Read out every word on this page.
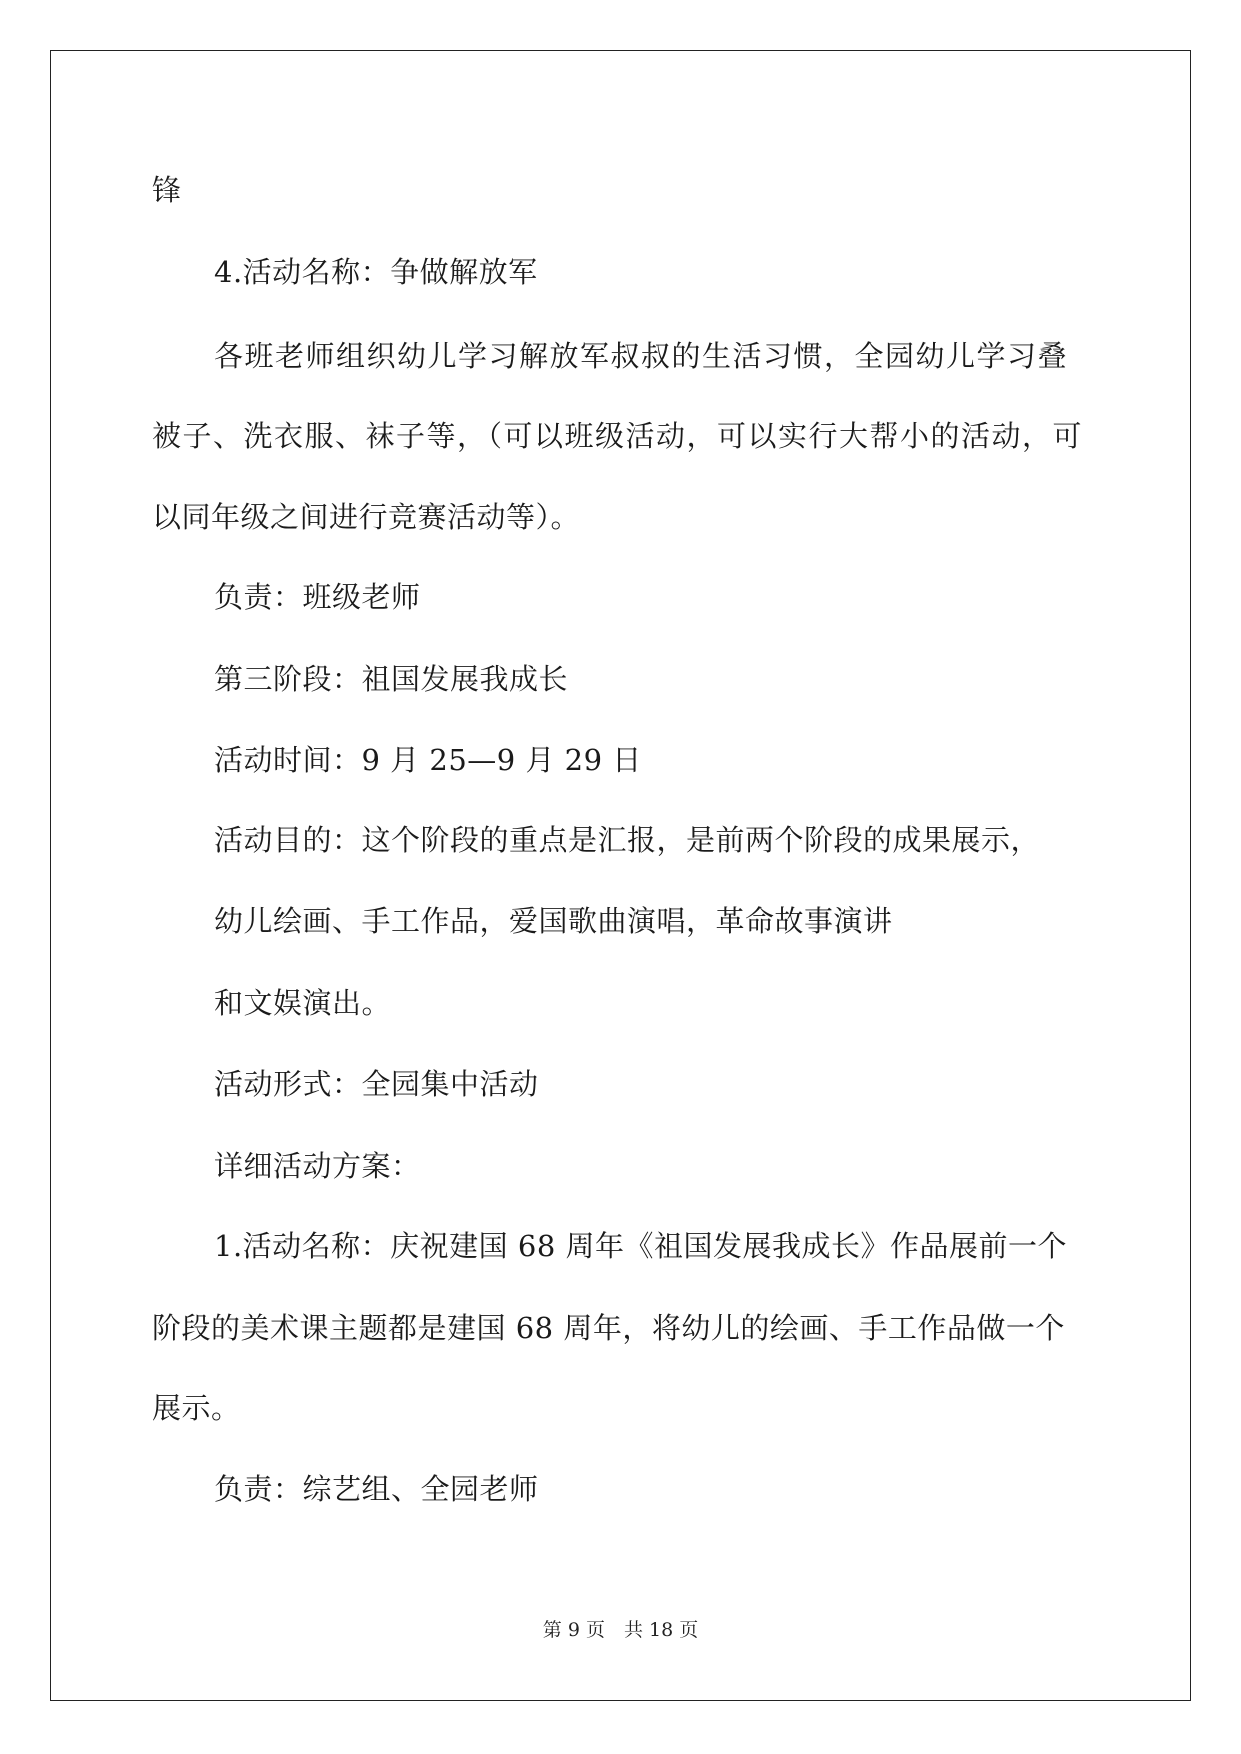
锋
4.活动名称：争做解放军
各班老师组织幼儿学习解放军叔叔的生活习惯，全园幼儿学习叠
被子、洗衣服、袜子等，（可以班级活动，可以实行大帮小的活动，可
以同年级之间进行竞赛活动等）。
负责：班级老师
第三阶段：祖国发展我成长
活动时间：9 月 25—9 月 29 日
活动目的：这个阶段的重点是汇报，是前两个阶段的成果展示，
幼儿绘画、手工作品，爱国歌曲演唱，革命故事演讲
和文娱演出。
活动形式：全园集中活动
详细活动方案：
1.活动名称：庆祝建国 68 周年《祖国发展我成长》作品展前一个
阶段的美术课主题都是建国 68 周年，将幼儿的绘画、手工作品做一个
展示。
负责：综艺组、全园老师
第 9 页　共 18 页
